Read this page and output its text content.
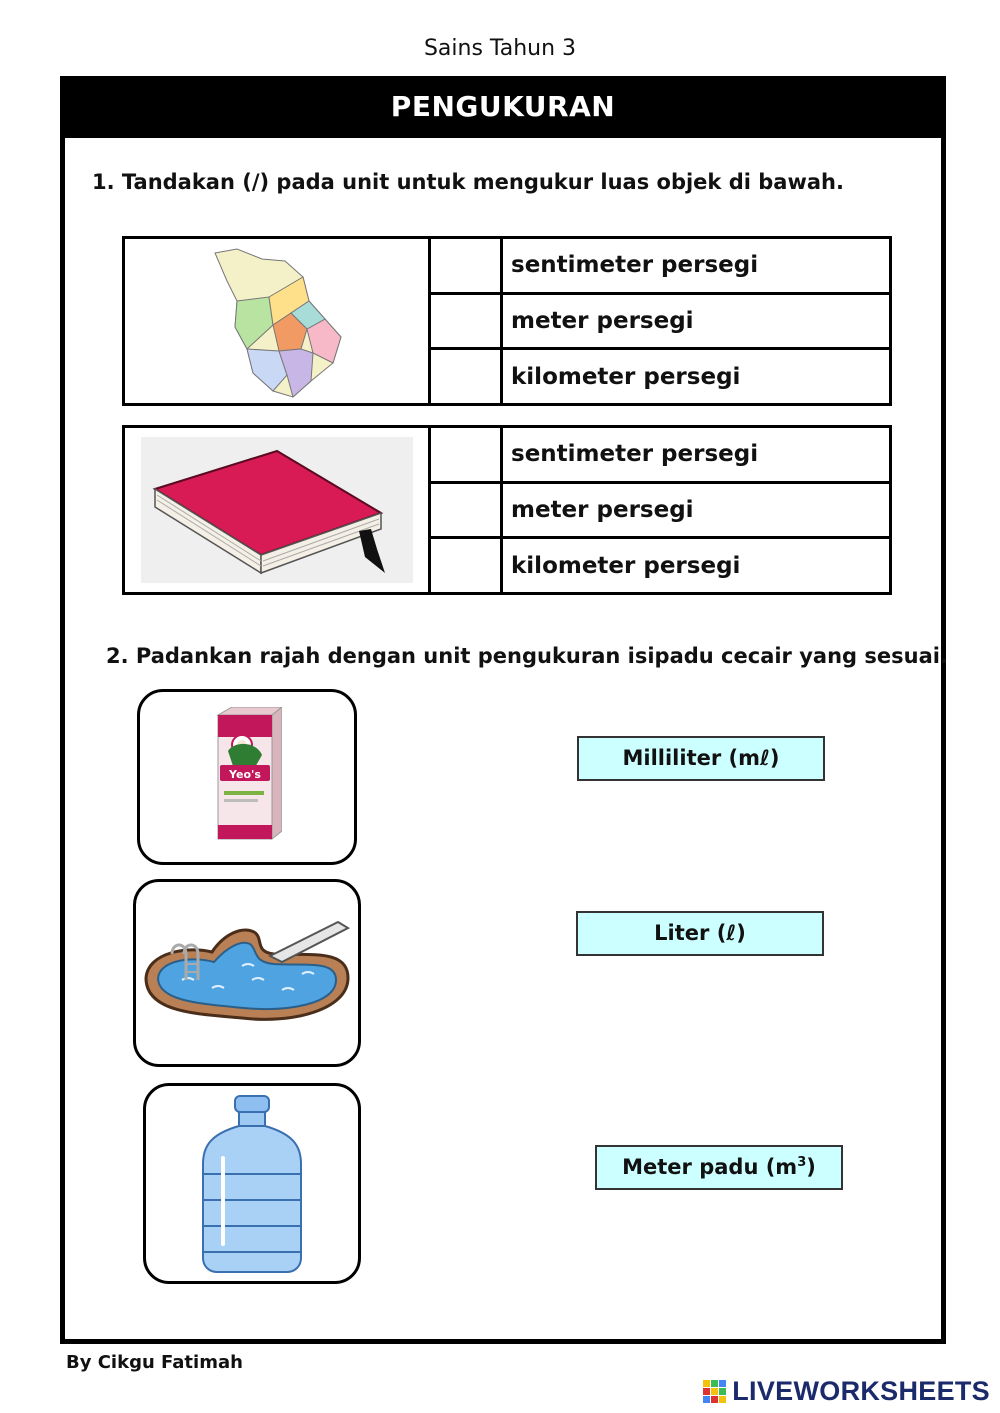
Sains Tahun 3
PENGUKURAN
1. Tandakan (/) pada unit untuk mengukur luas objek di bawah.
sentimeter persegi
meter persegi
kilometer persegi
sentimeter persegi
meter persegi
kilometer persegi
2. Padankan rajah dengan unit pengukuran isipadu cecair yang sesuai.
Yeo's
Milliliter (mℓ)
Liter (ℓ)
Meter padu $(m^3)$
By Cikgu Fatimah
LIVEWORKSHEETS
